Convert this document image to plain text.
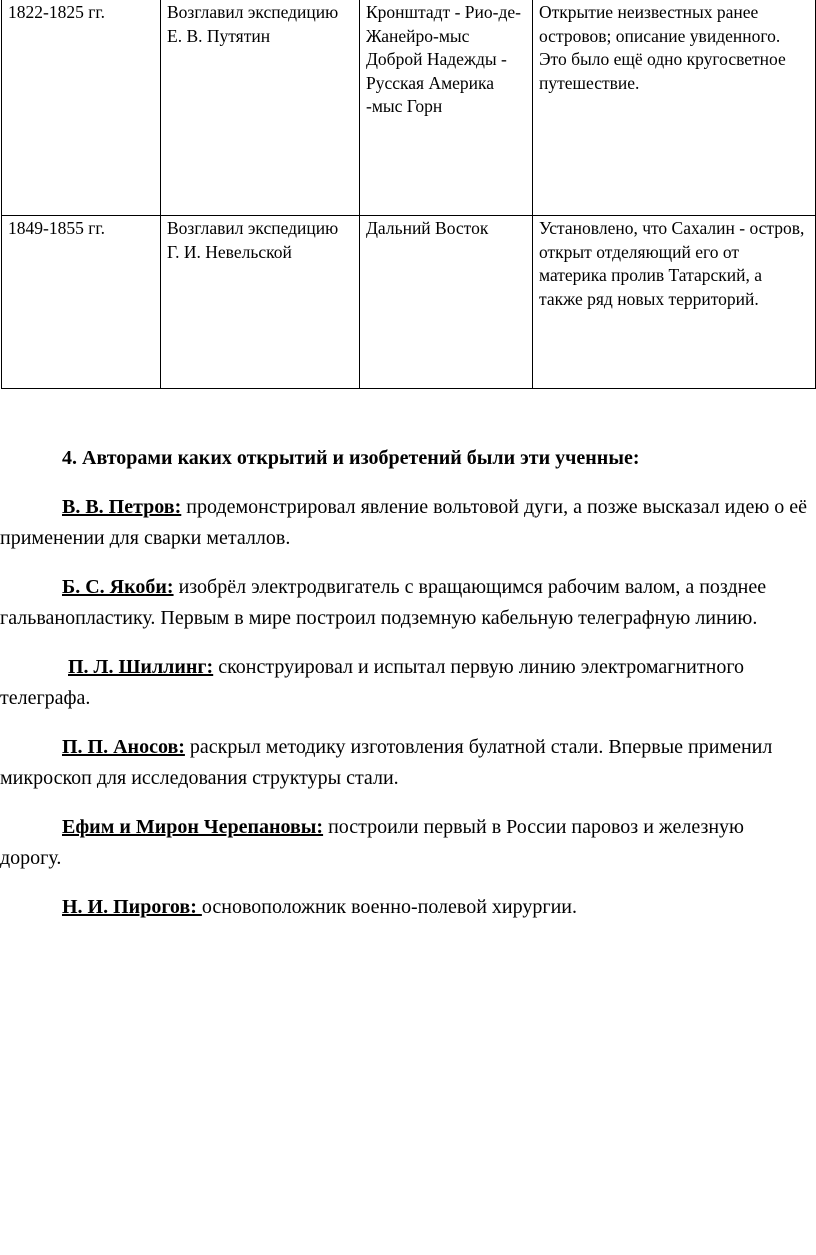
1822-1825 гг.	Возглавил экспедицию Е. В. Путятин	Кронштадт - Рио-де-Жанейро-мыс Доброй Надежды - Русская Америка -мыс Горн	Открытие неизвестных ранее островов; описание увиденного. Это было ещё одно кругосветное путешествие.
1849-1855 гг.	Возглавил экспедицию Г. И. Невельской	Дальний Восток	Установлено, что Сахалин - остров, открыт отделяющий его от материка пролив Татарский, а также ряд новых территорий.

4. Авторами каких открытий и изобретений были эти ученные:

В. В. Петров: продемонстрировал явление вольтовой дуги, а позже высказал идею о её применении для сварки металлов.

Б. С. Якоби: изобрёл электродвигатель с вращающимся рабочим валом, а позднее гальванопластику. Первым в мире построил подземную кабельную телеграфную линию.

П. Л. Шиллинг: сконструировал и испытал первую линию электромагнитного телеграфа.

П. П. Аносов: раскрыл методику изготовления булатной стали. Впервые применил микроскоп для исследования структуры стали.

Ефим и Мирон Черепановы: построили первый в России паровоз и железную дорогу.

Н. И. Пирогов: основоположник военно-полевой хирургии.
